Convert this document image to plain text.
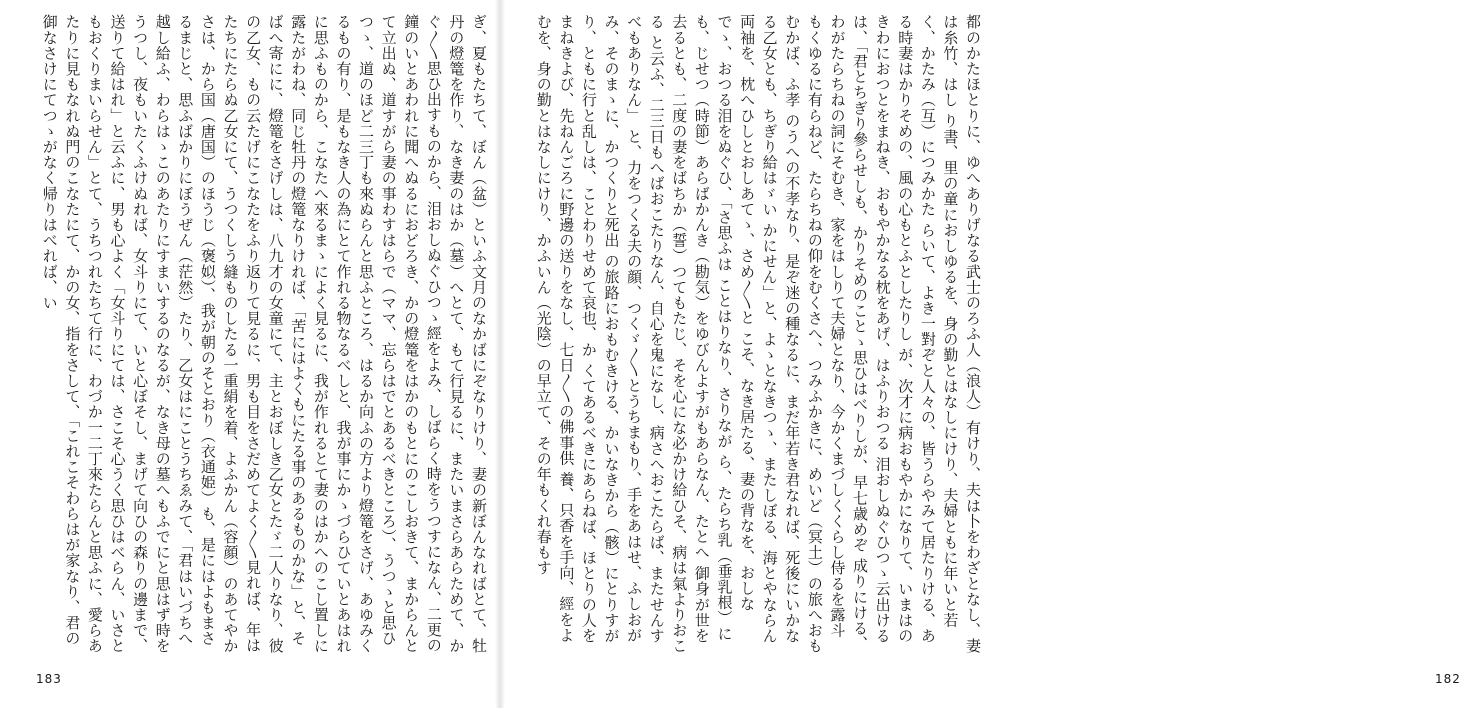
ぎ、夏もたちて、ぼん（盆）といふ文月のなかばにぞなりけり、妻の新ぼんなればとて、牡丹の燈篭を作り、なき妻のはか（墓）へとて、もて行見るに、またいまさらあらためて、かぐ〳〵思ひ出すものから、泪おしぬぐひつゝ經をよみ、しばらく時をうつすになん、二更の鐘のいとあわれに聞へぬるにおどろき、かの燈篭をはかのもとにのこしおきて、まからんとて立出ぬ、道すがら妻の事わすはらで（ママ、忘らはでとあるべきところ）、うつゝと思ひつゝ、道のほど二三丁も來ぬらんと思ふところ、はるか向ふの方より燈篭をさげ、あゆみくるもの有り、是もなき人の為にとて作れる物なるべしと、我が事にかゝづらひていとあはれに思ふものから、こなたへ來るまゝによく見るに、我が作れるとて妻のはかへのこし置しに露たがわね、同じ牡丹の燈篭なりければ、「苦にはよくもにたる事のあるものかな」と、そばへ寄にに、燈篭をさげしは、八九才の女童にて、主とおぼしき乙女とたゞ二人りなり、彼の乙女、もの云たげにこなたをふり返りて見るに、男も目をさだめてよく〳〵見れば、年はたちにたらぬ乙女にて、うつくしう縫ものしたる一重絹を着、よふかん（容顔）のあてやかさは、から国（唐国）のほうじ（褒姒）、我が朝のそとおり（衣通姫）も、是にはよもまさるまじと、思ふばかりにぼうぜん（茫然）たり、乙女はにことうちゑみて、「君はいづちへ越し給ふ、わらはゝこのあたりにすまいするのなるが、なき母の墓へもふでにと思はず時をうつし、夜もいたくふけぬれば、女斗りにて、いと心ぼそし、まげて向ひの森りの邊まで、送りて給はれ」と云ふに、男も心よく「女斗りにては、さこそ心うく思ひはべらん、いさともおくりまいらせん」とて、うちつれたちて行に、わづか一二丁來たらんと思ふに、愛らあたりに見もなれぬ門のこなたにて、かの女、指をさして、「これこそわらはが家なり、君の御なさけにてつゝがなく帰りはべれば、い

183	182

都のかたほとりに、ゆへありげなる武士のろふ人（浪人）有けり、夫は卜をわざとなし、妻は糸竹、はし り書、里の童におしゆるを、身の勤とはなしにけり、夫婦ともに年いと若く、かたみ（互）につみかた らいて、よき一對ぞと人々の、皆うらやみて居たりける、ある時妻はかりそめの、風の心もとふとしたりし が、次才に病おもやかになりて、いまはのきわにおつとをまねき、おもやかなる枕をあげ、はふりおつる 泪おしぬぐひつゝ云出けるは、「君とちぎり參らせしも、かりそめのことゝ思ひはべりしが、早七歳めぞ 成りにける、わがたらちねの詞にそむき、家をはしりて夫婦となり、今かくまづしくくらし侍るを露斗 もくゆるに有らねど、たらちねの仰をむくさへ、つみふかきに、めいど（冥土）の旅へおもむかば、ふ孝 のうへの不孝なり、是ぞ迷の種なるに、まだ年若き君なれば、死後にいかなる乙女とも、ちぎり給はゞい かにせん」と、よゝとなきつゝ、またしぼる、海とやならん両袖を、枕へひしとおしあてゝ、さめ〳〵と こそ、なき居たる、妻の背なを、おしなでゝ、おつる泪をぬぐひ、「さ思ふは ことはりなり、さりなが ら、たらち乳（垂乳根）にも、じせつ（時節）あらばかんき（勘気）をゆびんよすがもあらなん、たとへ 御身が世を去るとも、二度の妻をばちか（誓）つてもたじ、そを心にな必かけ給ひそ、病は氣よりおこる と云ふ、二三日もへばおこたりなん、自心を鬼になし、病さへおこたらば、またせんすべもありなん」 と、力をつくる夫の顔、つくゞ〳〵とうちまもり、手をあはせ、ふしおがみ、そのまゝに、かつくりと死出 の旅路におもむきける、かいなきから（骸）にとりすがり、ともに行と乱しは、ことわりせめて哀也、か くてあるべきにあらねば、ほとりの人をまねきよび、先ねんごろに野邊の送りをなし、七日〳〵の佛事供 養、只香を手向、經をよむを、身の勤とはなしにけり、かふいん（光陰）の早立て、その年もくれ春もす
